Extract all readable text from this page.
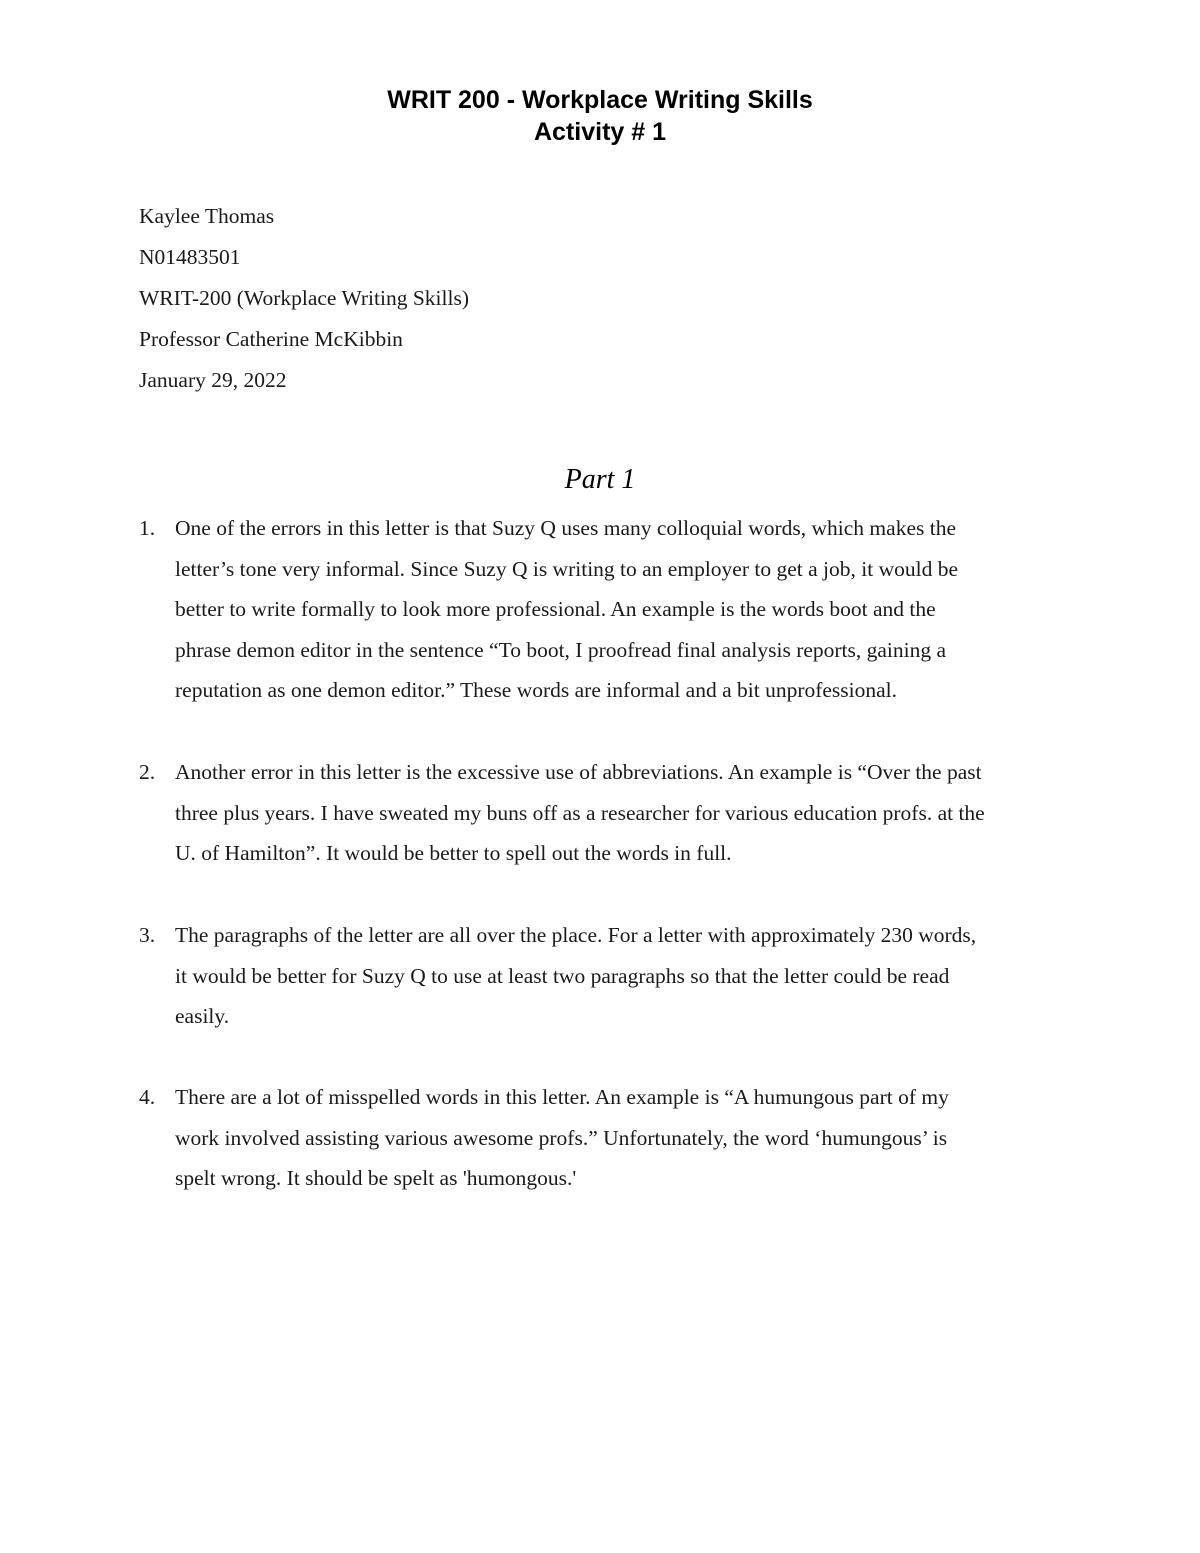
WRIT 200 - Workplace Writing Skills
Activity # 1
Kaylee Thomas
N01483501
WRIT-200 (Workplace Writing Skills)
Professor Catherine McKibbin
January 29, 2022
Part 1
1. One of the errors in this letter is that Suzy Q uses many colloquial words, which makes the
letter’s tone very informal. Since Suzy Q is writing to an employer to get a job, it would be
better to write formally to look more professional. An example is the words boot and the
phrase demon editor in the sentence “To boot, I proofread final analysis reports, gaining a
reputation as one demon editor.” These words are informal and a bit unprofessional.
2. Another error in this letter is the excessive use of abbreviations. An example is “Over the past
three plus years. I have sweated my buns off as a researcher for various education profs. at the
U. of Hamilton”. It would be better to spell out the words in full.
3. The paragraphs of the letter are all over the place. For a letter with approximately 230 words,
it would be better for Suzy Q to use at least two paragraphs so that the letter could be read
easily.
4. There are a lot of misspelled words in this letter. An example is “A humungous part of my
work involved assisting various awesome profs.” Unfortunately, the word ‘humungous’ is
spelt wrong. It should be spelt as 'humongous.'
